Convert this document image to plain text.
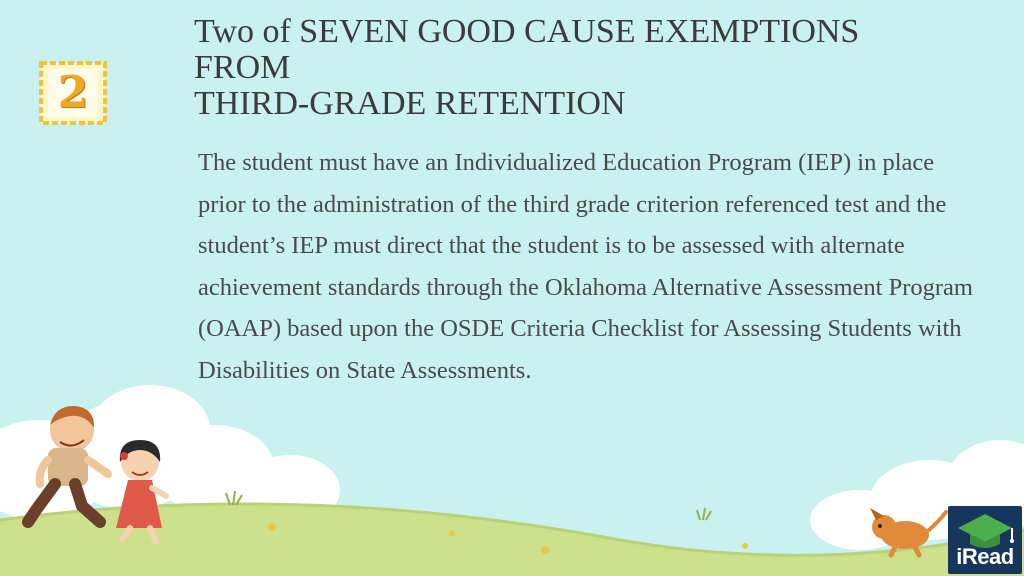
2
Two of SEVEN GOOD CAUSE EXEMPTIONS
FROM
THIRD-GRADE RETENTION

The student must have an Individualized Education Program (IEP) in place prior to the administration of the third grade criterion referenced test and the student’s IEP must direct that the student is to be assessed with alternate achievement standards through the Oklahoma Alternative Assessment Program (OAAP) based upon the OSDE Criteria Checklist for Assessing Students with Disabilities on State Assessments.

iRead
